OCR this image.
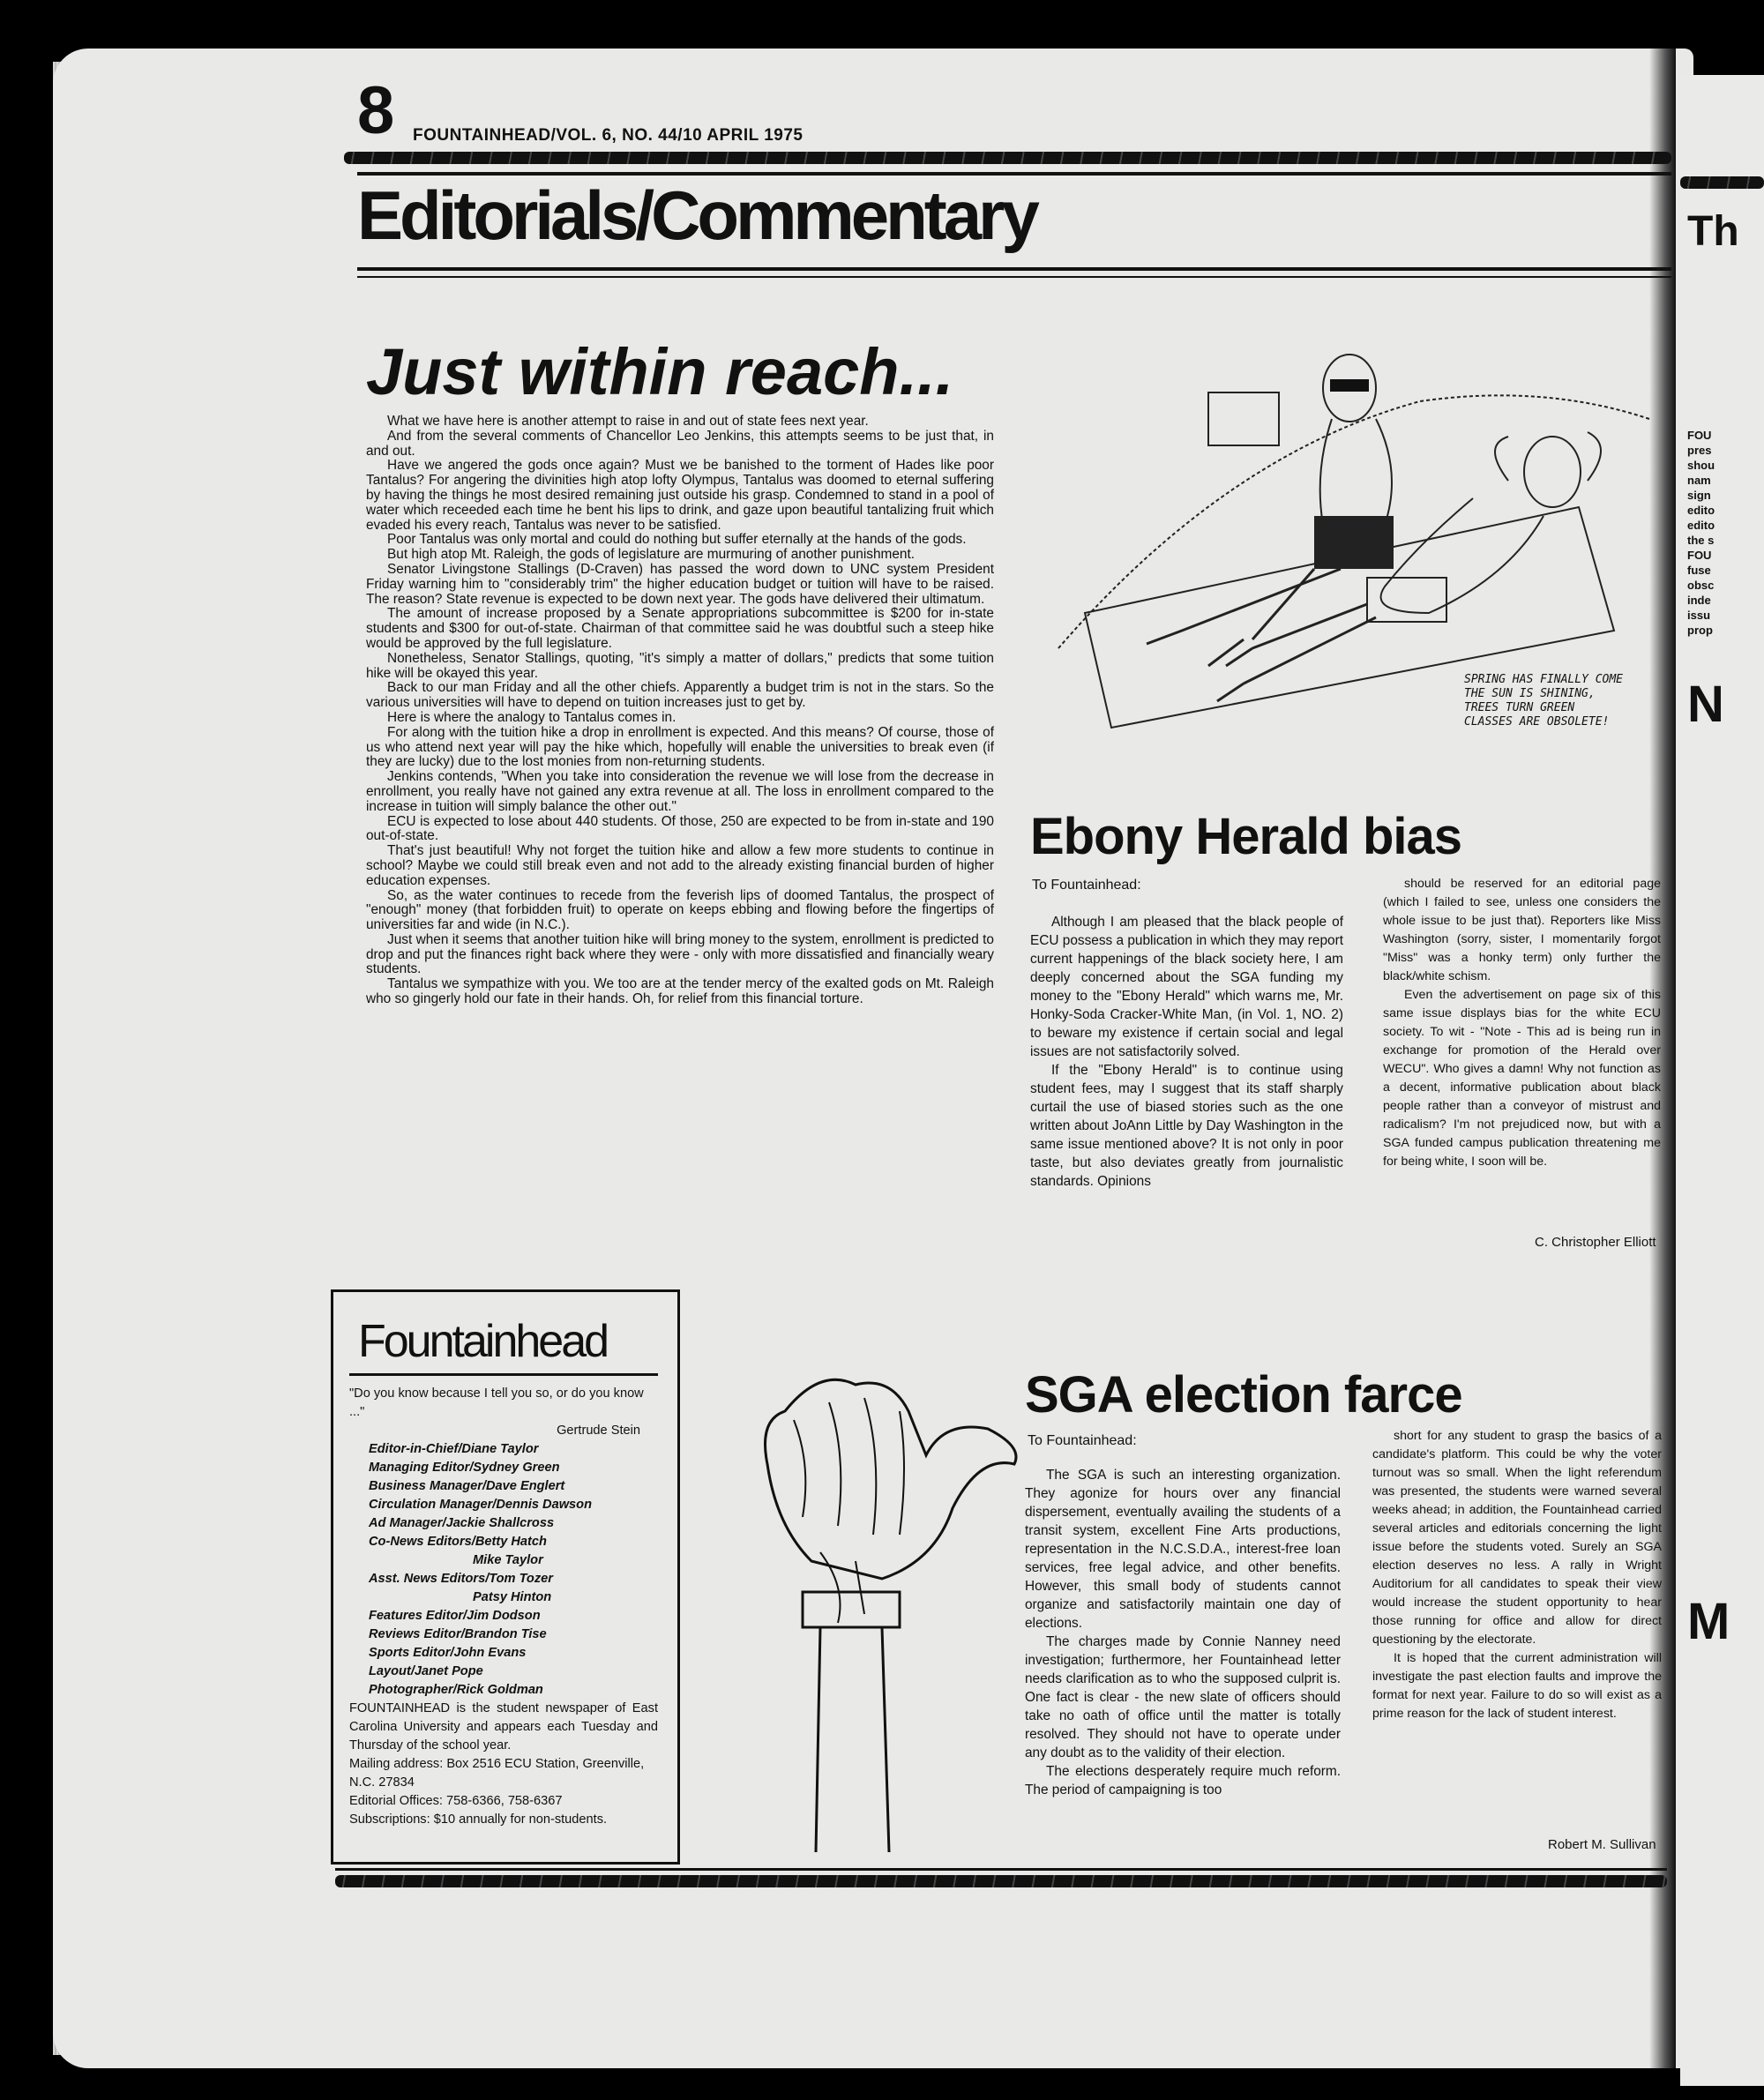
8 FOUNTAINHEAD/VOL. 6, NO. 44/10 APRIL 1975
Editorials/Commentary
Just within reach...

What we have here is another attempt to raise in and out of state fees next year.

And from the several comments of Chancellor Leo Jenkins, this attempts seems to be just that, in and out.

Have we angered the gods once again? Must we be banished to the torment of Hades like poor Tantalus? For angering the divinities high atop lofty Olympus, Tantalus was doomed to eternal suffering by having the things he most desired remaining just outside his grasp. Condemned to stand in a pool of water which receeded each time he bent his lips to drink, and gaze upon beautiful tantalizing fruit which evaded his every reach, Tantalus was never to be satisfied.

Poor Tantalus was only mortal and could do nothing but suffer eternally at the hands of the gods.

But high atop Mt. Raleigh, the gods of legislature are murmuring of another punishment.

Senator Livingstone Stallings (D-Craven) has passed the word down to UNC system President Friday warning him to "considerably trim" the higher education budget or tuition will have to be raised. The reason? State revenue is expected to be down next year. The gods have delivered their ultimatum.

The amount of increase proposed by a Senate appropriations subcommittee is $200 for in-state students and $300 for out-of-state. Chairman of that committee said he was doubtful such a steep hike would be approved by the full legislature.

Nonetheless, Senator Stallings, quoting, "it's simply a matter of dollars," predicts that some tuition hike will be okayed this year.

Back to our man Friday and all the other chiefs. Apparently a budget trim is not in the stars. So the various universities will have to depend on tuition increases just to get by.

Here is where the analogy to Tantalus comes in.

For along with the tuition hike a drop in enrollment is expected. And this means? Of course, those of us who attend next year will pay the hike which, hopefully will enable the universities to break even (if they are lucky) due to the lost monies from non-returning students.

Jenkins contends, "When you take into consideration the revenue we will lose from the decrease in enrollment, you really have not gained any extra revenue at all. The loss in enrollment compared to the increase in tuition will simply balance the other out."

ECU is expected to lose about 440 students. Of those, 250 are expected to be from in-state and 190 out-of-state.

That's just beautiful! Why not forget the tuition hike and allow a few more students to continue in school? Maybe we could still break even and not add to the already existing financial burden of higher education expenses.

So, as the water continues to recede from the feverish lips of doomed Tantalus, the prospect of "enough" money (that forbidden fruit) to operate on keeps ebbing and flowing before the fingertips of universities far and wide (in N.C.).

Just when it seems that another tuition hike will bring money to the system, enrollment is predicted to drop and put the finances right back where they were - only with more dissatisfied and financially weary students.

Tantalus we sympathize with you. We too are at the tender mercy of the exalted gods on Mt. Raleigh who so gingerly hold our fate in their hands. Oh, for relief from this financial torture.

SPRING HAS FINALLY COME
THE SUN IS SHINING,
TREES TURN GREEN
CLASSES ARE OBSOLETE!
Ebony Herald bias
To Fountainhead:

Although I am pleased that the black people of ECU possess a publication in which they may report current happenings of the black society here, I am deeply concerned about the SGA funding my money to the "Ebony Herald" which warns me, Mr. Honky-Soda Cracker-White Man, (in Vol. 1, NO. 2) to beware my existence if certain social and legal issues are not satisfactorily solved.

If the "Ebony Herald" is to continue using student fees, may I suggest that its staff sharply curtail the use of biased stories such as the one written about JoAnn Little by Day Washington in the same issue mentioned above? It is not only in poor taste, but also deviates greatly from journalistic standards. Opinions

should be reserved for an editorial page (which I failed to see, unless one considers the whole issue to be just that). Reporters like Miss Washington (sorry, sister, I momentarily forgot "Miss" was a honky term) only further the black/white schism.

Even the advertisement on page six of this same issue displays bias for the white ECU society. To wit - "Note - This ad is being run in exchange for promotion of the Herald over WECU". Who gives a damn! Why not function as a decent, informative publication about black people rather than a conveyor of mistrust and radicalism? I'm not prejudiced now, but with a SGA funded campus publication threatening me for being white, I soon will be.

C. Christopher Elliott
Fountainhead
"Do you know because I tell you so, or do you know ..."
Gertrude Stein
Editor-in-Chief/Diane Taylor
Managing Editor/Sydney Green
Business Manager/Dave Englert
Circulation Manager/Dennis Dawson
Ad Manager/Jackie Shallcross
Co-News Editors/Betty Hatch
Mike Taylor
Asst. News Editors/Tom Tozer
Patsy Hinton
Features Editor/Jim Dodson
Reviews Editor/Brandon Tise
Sports Editor/John Evans
Layout/Janet Pope
Photographer/Rick Goldman
FOUNTAINHEAD is the student newspaper of East Carolina University and appears each Tuesday and Thursday of the school year.
Mailing address: Box 2516 ECU Station, Greenville, N.C. 27834
Editorial Offices: 758-6366, 758-6367
Subscriptions: $10 annually for non-students.
SGA election farce
To Fountainhead:

The SGA is such an interesting organization. They agonize for hours over any financial dispersement, eventually availing the students of a transit system, excellent Fine Arts productions, representation in the N.C.S.D.A., interest-free loan services, free legal advice, and other benefits. However, this small body of students cannot organize and satisfactorily maintain one day of elections.

The charges made by Connie Nanney need investigation; furthermore, her Fountainhead letter needs clarification as to who the supposed culprit is. One fact is clear - the new slate of officers should take no oath of office until the matter is totally resolved. They should not have to operate under any doubt as to the validity of their election.

The elections desperately require much reform. The period of campaigning is too

short for any student to grasp the basics of a candidate's platform. This could be why the voter turnout was so small. When the light referendum was presented, the students were warned several weeks ahead; in addition, the Fountainhead carried several articles and editorials concerning the light issue before the students voted. Surely an SGA election deserves no less. A rally in Wright Auditorium for all candidates to speak their view would increase the student opportunity to hear those running for office and allow for direct questioning by the electorate.

It is hoped that the current administration will investigate the past election faults and improve the format for next year. Failure to do so will exist as a prime reason for the lack of student interest.

Robert M. Sullivan
Th
FOU
pres
shou
nam
sign
edito
edito
the s
FOU
fuse
obsc
inde
issu
prop
N
M
